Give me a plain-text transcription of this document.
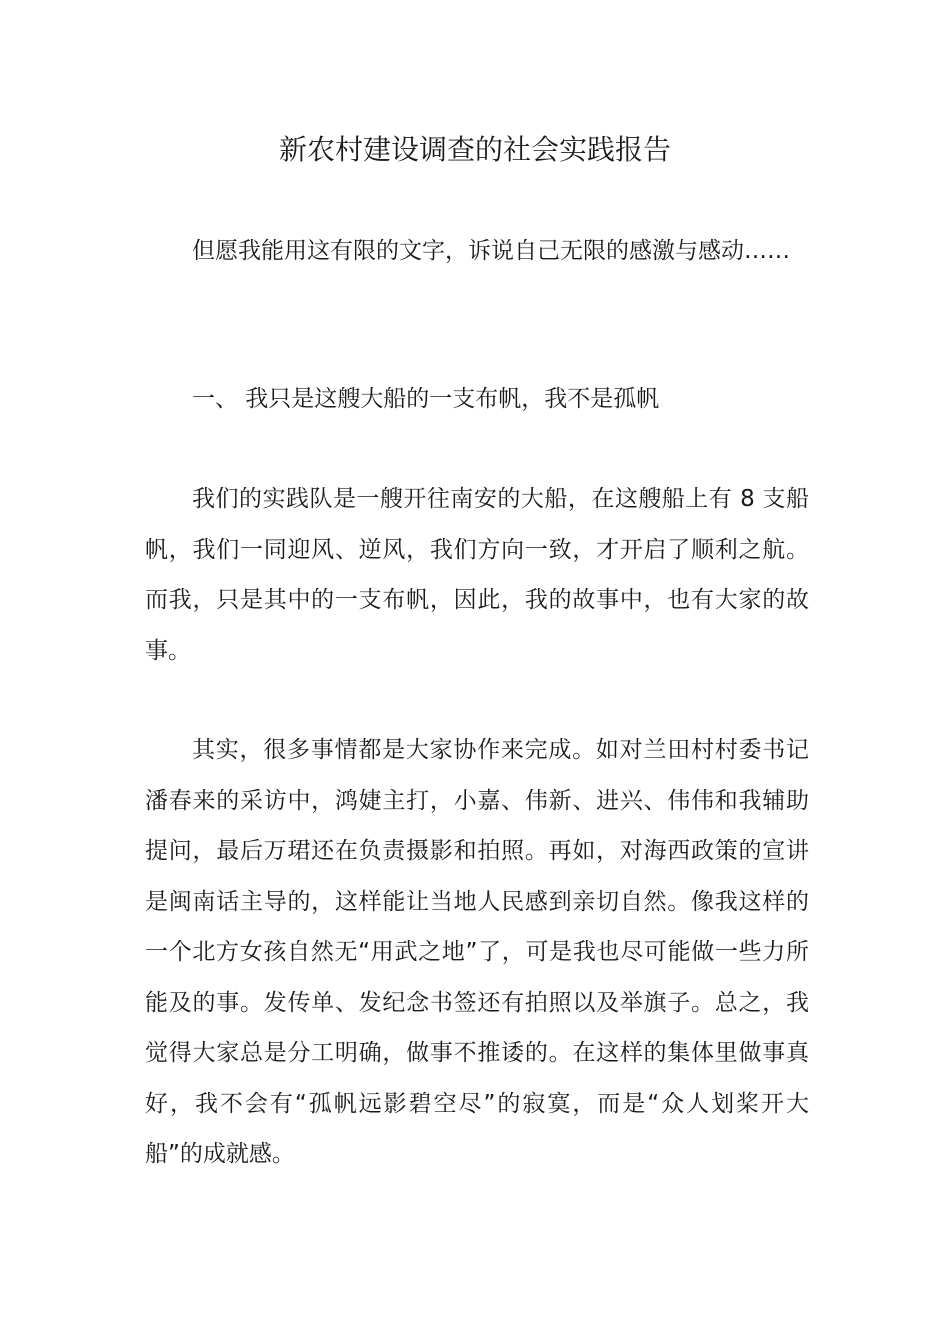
新农村建设调查的社会实践报告

但愿我能用这有限的文字，诉说自己无限的感激与感动……

一、 我只是这艘大船的一支布帆，我不是孤帆

我们的实践队是一艘开往南安的大船，在这艘船上有 8 支船帆，我们一同迎风、逆风，我们方向一致，才开启了顺利之航。而我，只是其中的一支布帆，因此，我的故事中，也有大家的故事。

其实，很多事情都是大家协作来完成。如对兰田村村委书记潘春来的采访中，鸿婕主打，小嘉、伟新、进兴、伟伟和我辅助提问，最后万珺还在负责摄影和拍照。再如，对海西政策的宣讲是闽南话主导的，这样能让当地人民感到亲切自然。像我这样的一个北方女孩自然无“用武之地”了，可是我也尽可能做一些力所能及的事。发传单、发纪念书签还有拍照以及举旗子。总之，我觉得大家总是分工明确，做事不推诿的。在这样的集体里做事真好，我不会有“孤帆远影碧空尽”的寂寞，而是“众人划桨开大船”的成就感。
